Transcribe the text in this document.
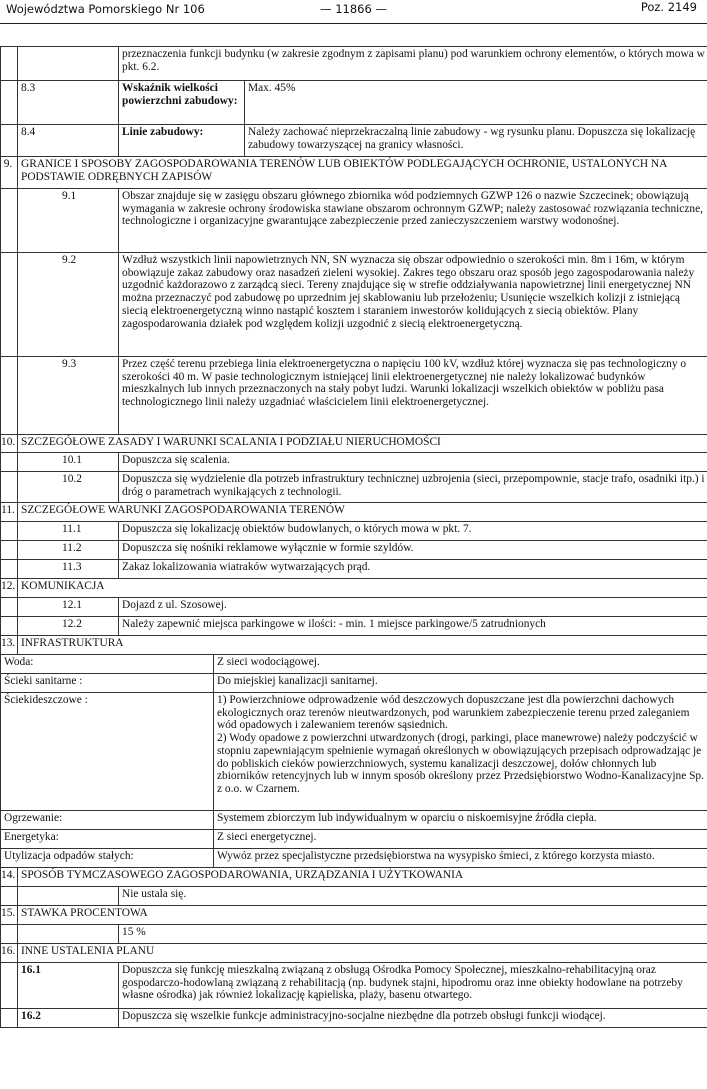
Województwa Pomorskiego Nr 106	— 11866 —	Poz. 2149
		przeznaczenia funkcji budynku (w zakresie zgodnym z zapisami planu) pod warunkiem ochrony elementów, o których mowa w pkt. 6.2.		
	8.3	Wskaźnik wielkości powierzchni zabudowy:		Max. 45%
	8.4	Linie zabudowy:		Należy zachować nieprzekraczalną linie zabudowy - wg rysunku planu. Dopuszcza się lokalizację zabudowy towarzyszącej na granicy własności.
9.	GRANICE I SPOSOBY ZAGOSPODAROWANIA TERENÓW LUB OBIEKTÓW PODLEGAJĄCYCH OCHRONIE, USTALONYCH NA PODSTAWIE ODRĘBNYCH ZAPISÓW			
	9.1	Obszar znajduje się w zasięgu obszaru głównego zbiornika wód podziemnych GZWP 126 o nazwie Szczecinek; obowiązują wymagania w zakresie ochrony środowiska stawiane obszarom ochronnym GZWP; należy zastosować rozwiązania techniczne, technologiczne i organizacyjne gwarantujące zabezpieczenie przed zanieczyszczeniem warstwy wodonośnej.		
	9.2	Wzdłuż wszystkich linii napowietrznych NN, SN wyznacza się obszar odpowiednio o szerokości min. 8m i 16m, w którym obowiązuje zakaz zabudowy oraz nasadzeń zieleni wysokiej. Zakres tego obszaru oraz sposób jego zagospodarowania należy uzgodnić każdorazowo z zarządcą sieci. Tereny znajdujące się w strefie oddziaływania napowietrznej linii energetycznej NN można przeznaczyć pod zabudowę po uprzednim jej skablowaniu lub przełożeniu; Usunięcie wszelkich kolizji z istniejącą siecią elektroenergetyczną winno nastąpić kosztem i staraniem inwestorów kolidujących z siecią obiektów. Plany zagospodarowania działek pod względem kolizji uzgodnić z siecią elektroenergetyczną.		
	9.3	Przez część terenu przebiega linia elektroenergetyczna o napięciu 100 kV, wzdłuż której wyznacza się pas technologiczny o szerokości 40 m. W pasie technologicznym istniejącej linii elektroenergetycznej nie należy lokalizować budynków mieszkalnych lub innych przeznaczonych na stały pobyt ludzi. Warunki lokalizacji wszelkich obiektów w pobliżu pasa technologicznego linii należy uzgadniać właścicielem linii elektroenergetycznej.		
10.	SZCZEGÓŁOWE ZASADY I WARUNKI SCALANIA I PODZIAŁU NIERUCHOMOŚCI			
	10.1	Dopuszcza się scalenia.		
	10.2	Dopuszcza się wydzielenie dla potrzeb infrastruktury technicznej uzbrojenia (sieci, przepompownie, stacje trafo, osadniki itp.) i dróg o parametrach wynikających z technologii.		
11.	SZCZEGÓŁOWE WARUNKI ZAGOSPODAROWANIA TERENÓW			
	11.1	Dopuszcza się lokalizację obiektów budowlanych, o których mowa w pkt. 7.		
	11.2	Dopuszcza się nośniki reklamowe wyłącznie w formie szyldów.		
	11.3	Zakaz lokalizowania wiatraków wytwarzających prąd.		
12.	KOMUNIKACJA			
	12.1	Dojazd z ul. Szosowej.		
	12.2	Należy zapewnić miejsca parkingowe w ilości: - min. 1 miejsce parkingowe/5 zatrudnionych		
13.	INFRASTRUKTURA			
Woda:			Z sieci wodociągowej.	
Ścieki sanitarne :			Do miejskiej kanalizacji sanitarnej.	
Ściekideszczowe :			1) Powierzchniowe odprowadzenie wód deszczowych dopuszczane jest dla powierzchni dachowych ekologicznych oraz terenów nieutwardzonych, pod warunkiem zabezpieczenie terenu przed zaleganiem wód opadowych i zalewaniem terenów sąsiednich.
2) Wody opadowe z powierzchni utwardzonych (drogi, parkingi, place manewrowe) należy podczyścić w stopniu zapewniającym spełnienie wymagań określonych w obowiązujących przepisach odprowadzając je do pobliskich cieków powierzchniowych, systemu kanalizacji deszczowej, dołów chłonnych lub zbiorników retencyjnych lub w innym sposób określony przez Przedsiębiorstwo Wodno-Kanalizacyjne Sp. z o.o. w Czarnem.	

Ogrzewanie:			Systemem zbiorczym lub indywidualnym w oparciu o niskoemisyjne źródła ciepła.	
Energetyka:			Z sieci energetycznej.	
Utylizacja odpadów stałych:			Wywóz przez specjalistyczne przedsiębiorstwa na wysypisko śmieci, z którego korzysta miasto.	
14.	SPOSÓB TYMCZASOWEGO ZAGOSPODAROWANIA, URZĄDZANIA I UŻYTKOWANIA			
		Nie ustala się.		
15.	STAWKA PROCENTOWA			
		15 %		
16.	INNE USTALENIA PLANU			
	16.1	Dopuszcza się funkcję mieszkalną związaną z obsługą Ośrodka Pomocy Społecznej, mieszkalno-rehabilitacyjną oraz gospodarczo-hodowlaną związaną z rehabilitacją (np. budynek stajni, hipodromu oraz inne obiekty hodowlane na potrzeby własne ośrodka) jak również lokalizację kąpieliska, plaży, basenu otwartego.		
	16.2	Dopuszcza się wszelkie funkcje administracyjno-socjalne niezbędne dla potrzeb obsługi funkcji wiodącej.		
